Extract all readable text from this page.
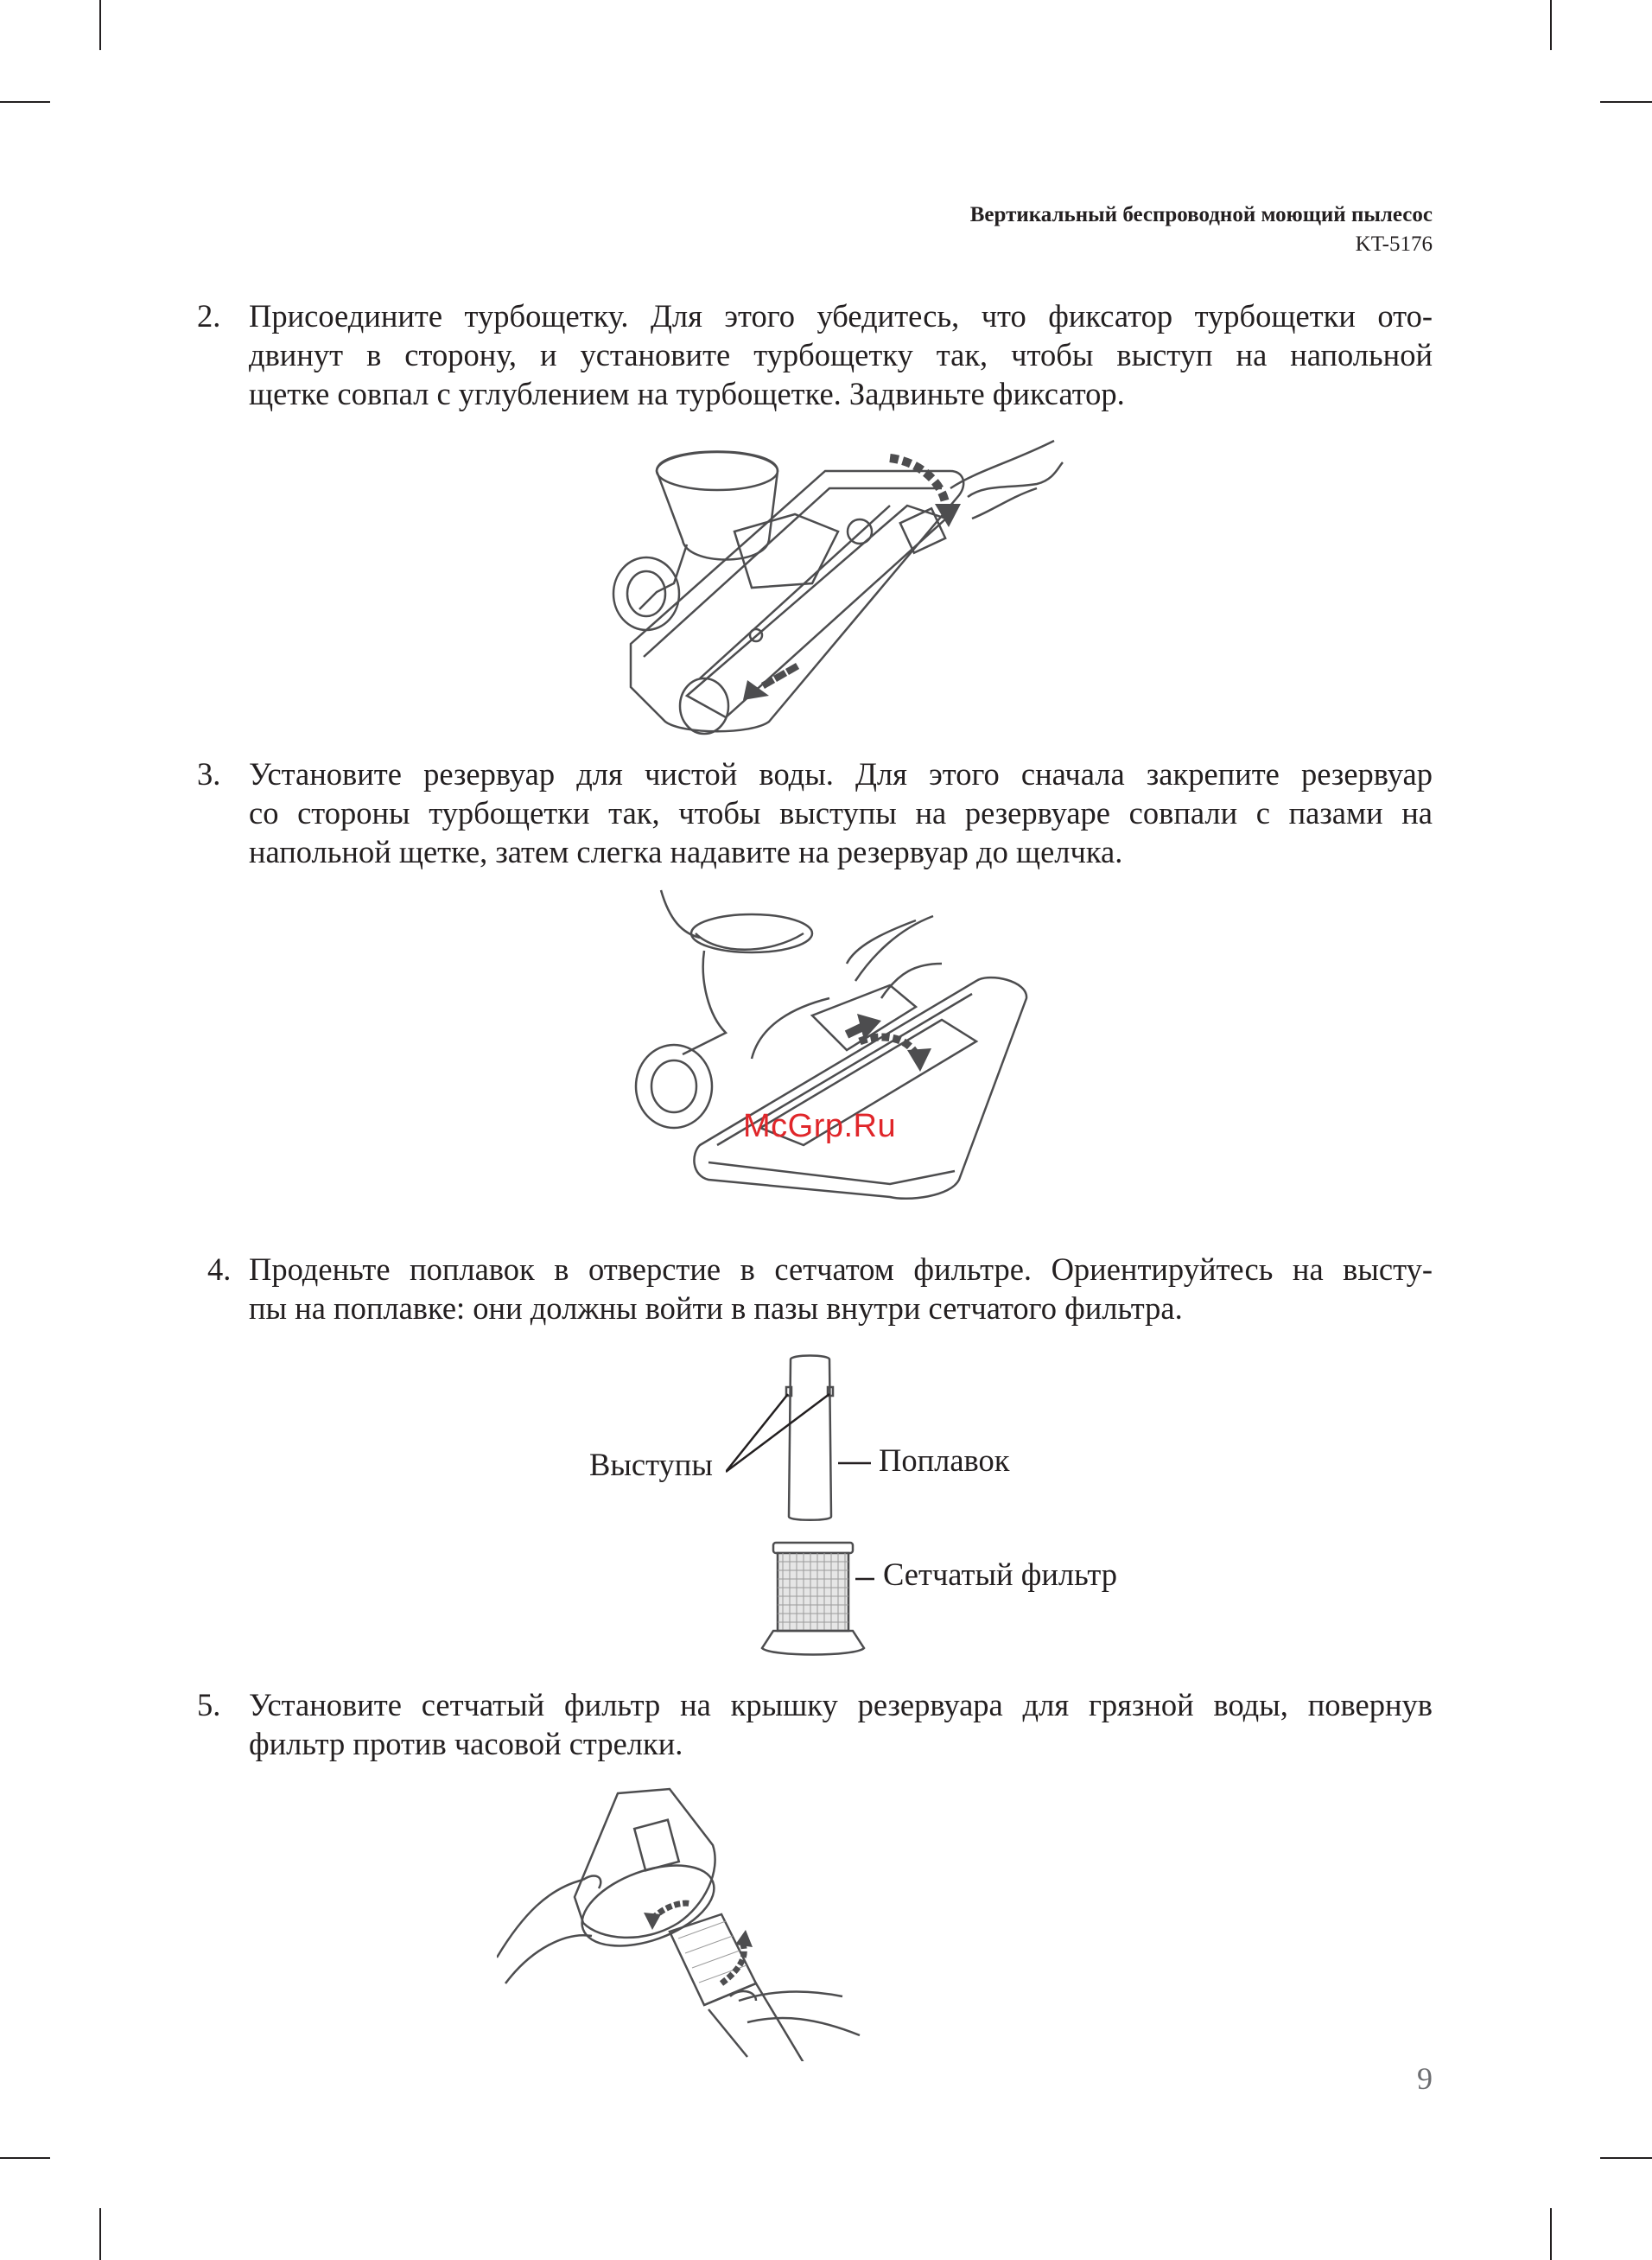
Вертикальный беспроводной моющий пылесос
KT-5176
2. Присоедините турбощетку. Для этого убедитесь, что фиксатор турбощетки ото-

двинут в сторону, и установите турбощетку так, чтобы выступ на напольной

щетке совпал с углублением на турбощетке. Задвиньте фиксатор.

3. Установите резервуар для чистой воды. Для этого сначала закрепите резервуар

со стороны турбощетки так, чтобы выступы на резервуаре совпали с пазами на

напольной щетке, затем слегка надавите на резервуар до щелчка.

McGrp.Ru
4. Проденьте поплавок в отверстие в сетчатом фильтре. Ориентируйтесь на высту-

пы на поплавке: они должны войти в пазы внутри сетчатого фильтра.

Выступы	Поплавок
Сетчатый фильтр
5. Установите сетчатый фильтр на крышку резервуара для грязной воды, повернув

фильтр против часовой стрелки.

9
